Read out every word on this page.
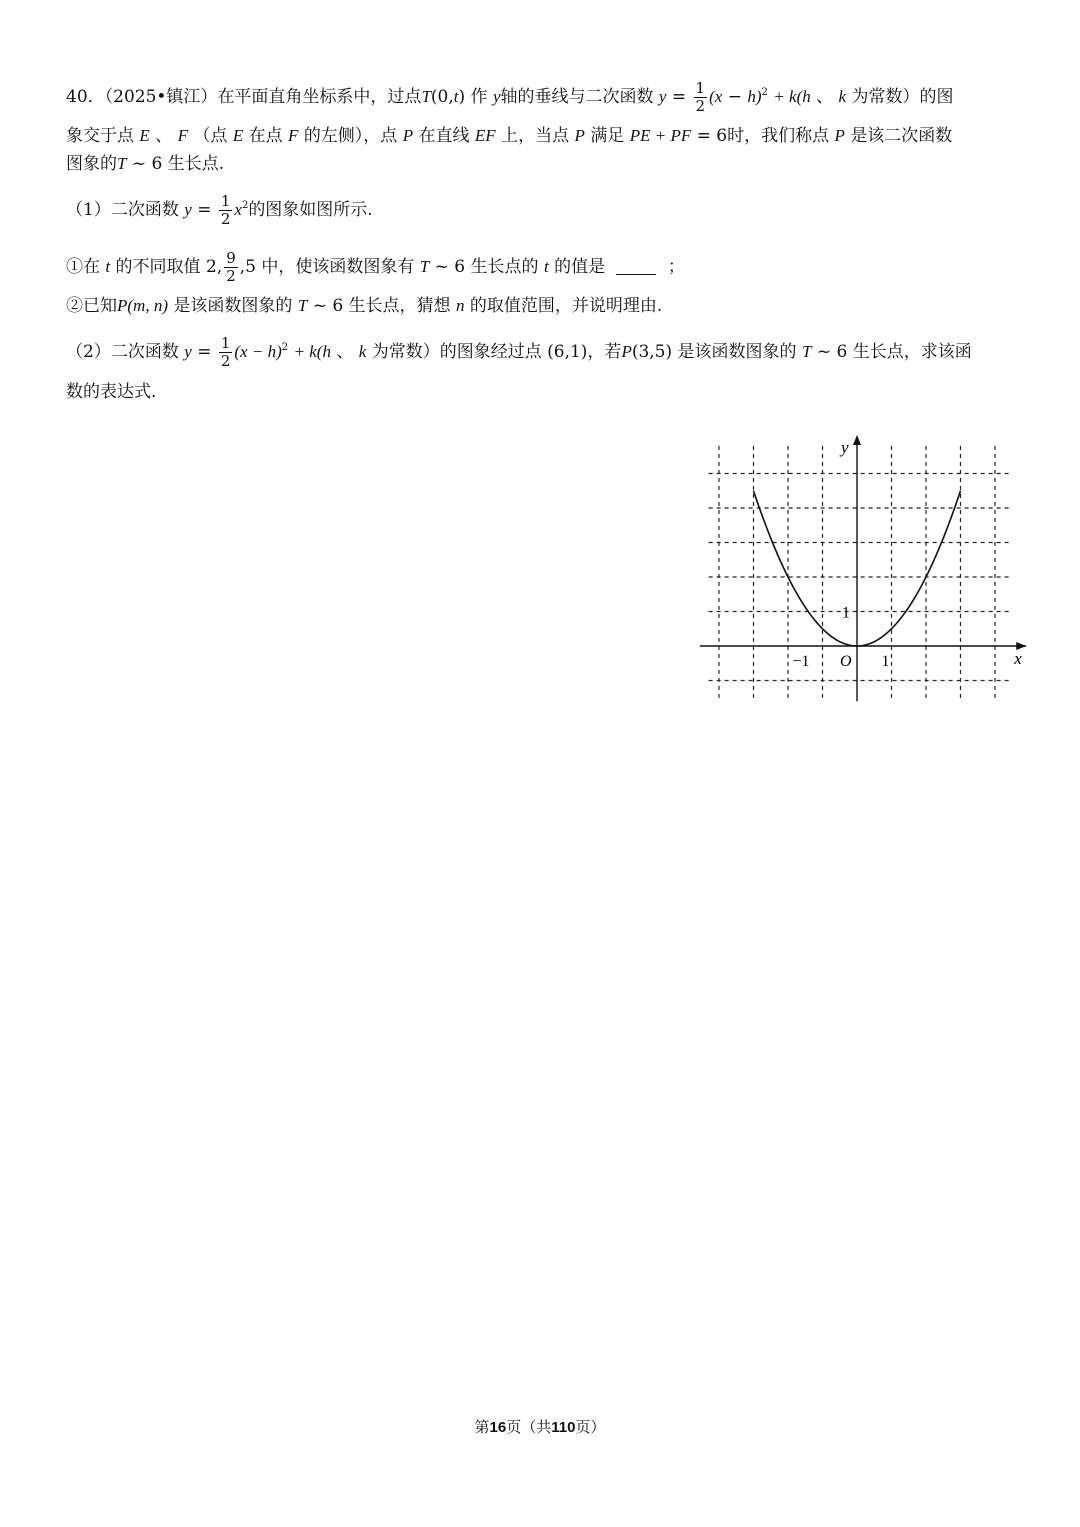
40．（2025•镇江）在平面直角坐标系中，过点T(0,t) 作 y轴的垂线与二次函数 $y = \frac{1}{2} (x - h)^2 + k(h$ 、 k 为常数）的图
象交于点 E 、 F （点 E 在点 F 的左侧），点 P 在直线 EF 上，当点 P 满足 PE + PF = 6时，我们称点 P 是该二次函数
图象的T ~ 6 生长点.
（1）二次函数 $y = \frac{1}{2} x^2$的图象如图所示.
①在 t 的不同取值 2, $\frac{9}{2} ,5$ 中，使该函数图象有 T ~ 6 生长点的 t 的值是	；
②已知P(m, n) 是该函数图象的 T ~ 6 生长点，猜想 n 的取值范围，并说明理由.
（2）二次函数 $y = \frac{1}{2} (x - h)^2 + k(h$ 、 k 为常数）的图象经过点 (6,1)，若P(3,5) 是该函数图象的 T ~ 6 生长点，求该函
数的表达式.
x
y
−1 O 1
1
第16页（共110页）
